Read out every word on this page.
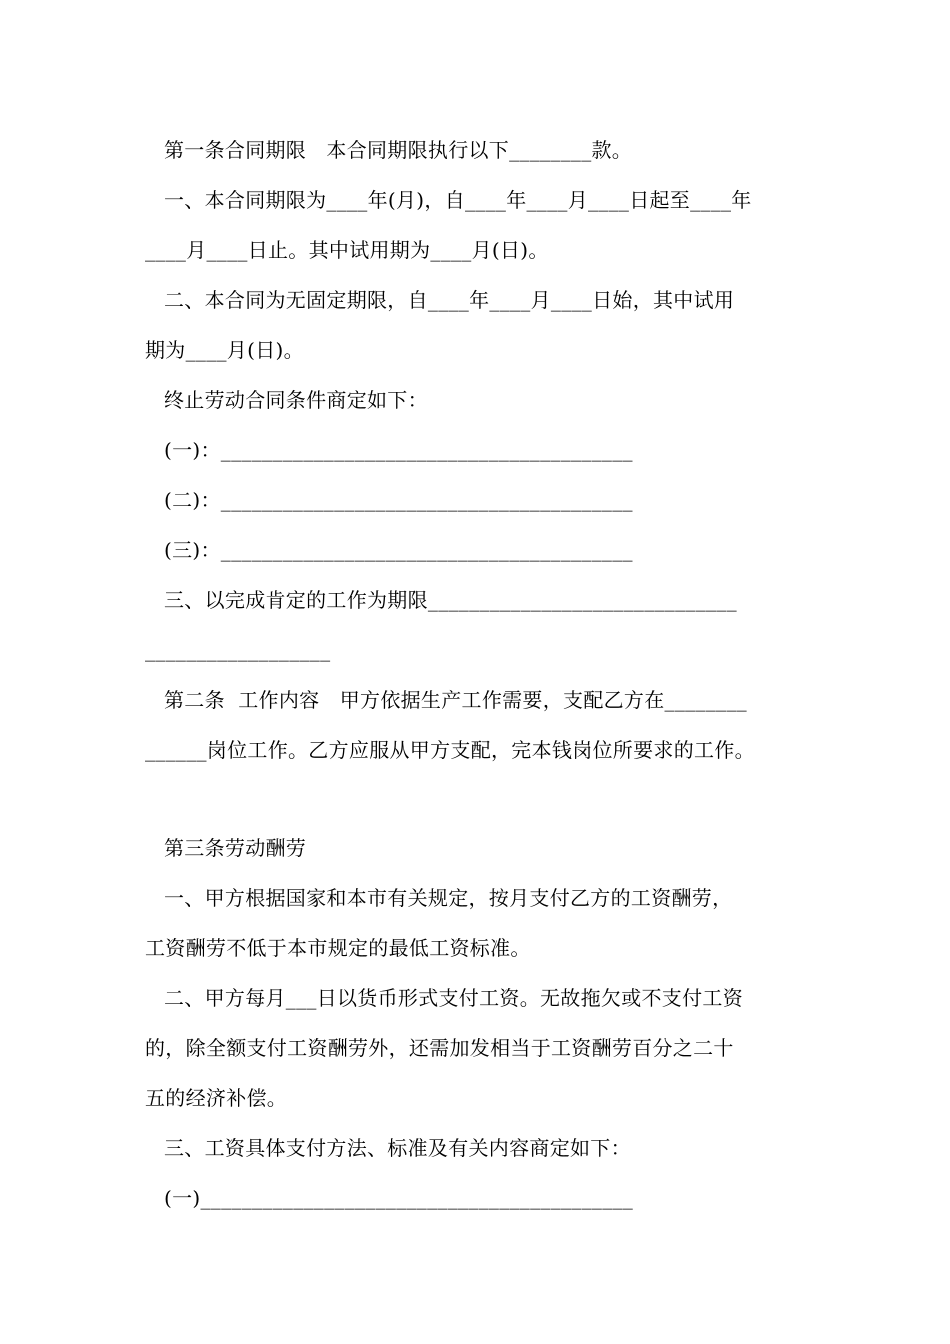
第一条合同期限　本合同期限执行以下________款。
一、本合同期限为____年(月)，自____年____月____日起至____年
____月____日止。其中试用期为____月(日)。
二、本合同为无固定期限，自____年____月____日始，其中试用
期为____月(日)。
终止劳动合同条件商定如下：
(一)：________________________________________
(二)：________________________________________
(三)：________________________________________
三、以完成肯定的工作为期限______________________________
__________________
第二条  工作内容　甲方依据生产工作需要，支配乙方在________
______岗位工作。乙方应服从甲方支配，完本钱岗位所要求的工作。
第三条劳动酬劳
一、甲方根据国家和本市有关规定，按月支付乙方的工资酬劳，
工资酬劳不低于本市规定的最低工资标准。
二、甲方每月___日以货币形式支付工资。无故拖欠或不支付工资
的，除全额支付工资酬劳外，还需加发相当于工资酬劳百分之二十
五的经济补偿。
三、工资具体支付方法、标准及有关内容商定如下：
(一)__________________________________________
